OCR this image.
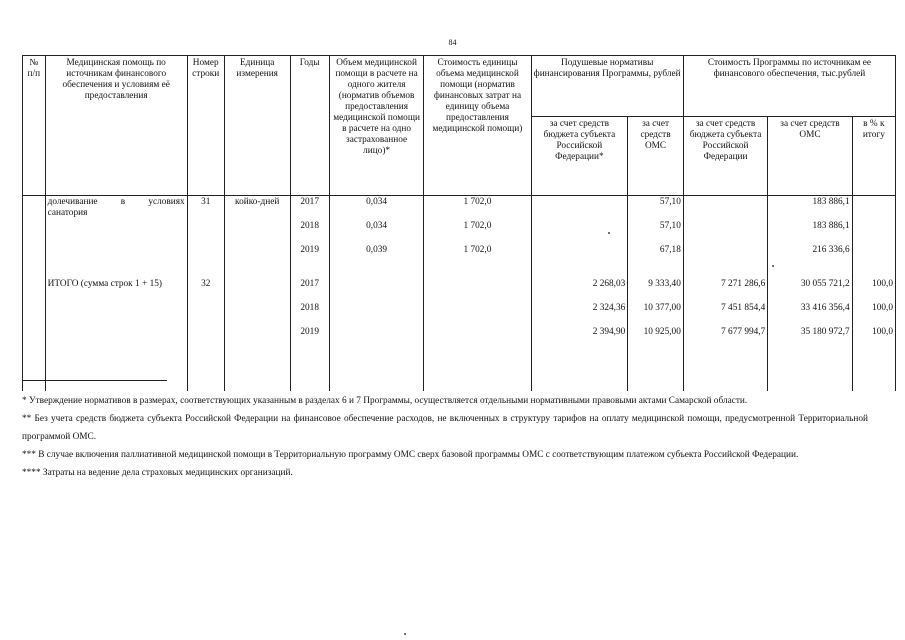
84
№ п/п	Медицинская помощь по источникам финансового обеспечения и условиям её предоставления	Номер строки	Единица измерения	Годы	Объем медицинской помощи в расчете на одного жителя (норматив объемов предоставления медицинской помощи в расчете на одно застрахованное лицо)*	Стоимость единицы объема медицинской помощи (норматив финансовых затрат на единицу объема предоставления медицинской помощи)	Подушевые нормативы финансирования Программы, рублей		Стоимость Программы по источникам ее финансового обеспечения, тыс.рублей		
							за счет средств бюджета субъекта Российской Федерации*	за счет средств ОМС	за счет средств бюджета субъекта Российской Федерации	за счет средств ОМС	в % к итогу

	долечивание в условиях санатория	31	койко-дней	2017	0,034	1 702,0		57,10		183 886,1	
				2018	0,034	1 702,0		57,10		183 886,1	
				2019	0,039	1 702,0		67,18		216 336,6	
	ИТОГО (сумма строк 1 + 15)	32		2017			2 268,03	9 333,40	7 271 286,6	30 055 721,2	100,0
				2018			2 324,36	10 377,00	7 451 854,4	33 416 356,4	100,0
				2019			2 394,90	10 925,00	7 677 994,7	35 180 972,7	100,0

* Утверждение нормативов в размерах, соответствующих указанным в разделах 6 и 7 Программы, осуществляется отдельными нормативными правовыми актами Самарской области.

** Без учета средств бюджета субъекта Российской Федерации на финансовое обеспечение расходов, не включенных в структуру тарифов на оплату медицинской помощи, предусмотренной Территориальной программой ОМС.

*** В случае включения паллиативной медицинской помощи в Территориальную программу ОМС сверх базовой программы ОМС с соответствующим платежом субъекта Российской Федерации.

**** Затраты на ведение дела страховых медицинских организаций.
